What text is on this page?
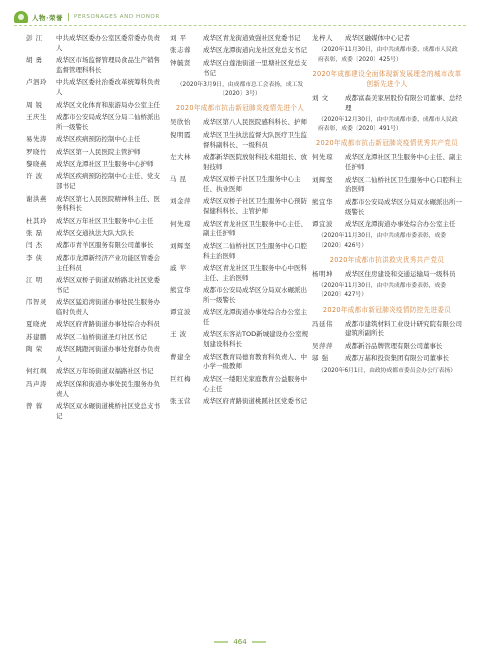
人物·荣誉 PERSONAGES AND HONOR
彭 江	中共成华区委办公室区委常委办负责人
胡 勇	成华区市场监督管理局食品生产销售监督管理科科长
卢泗玲	中共成华区委社治委改革统筹科负责人
周 锐	成华区文化体育和旅游局办公室主任
王庆生	成都市公安局成华区分局二仙桥派出所一级警长
易先涛	成华区疾病预防控制中心主任
罗晓竹	成华区第一人民医院主管护师
黎晓燕	成华区龙潭社区卫生服务中心护师
许 波	成华区疾病预防控制中心主任、党支部书记
谢洪燕	成华区第七人民医院精神科主任、医务科科长
杜其玲	成华区万年社区卫生服务中心主任
张 磊	成华区交通执法大队大队长
闫 杰	成都市青羊区服务有限公司董事长
李 侠	成都市龙潭新经济产业功能区管委会主任科员
江 明	成华区双桥子街道双桥路北社区党委书记
邝智灵	成华区猛追湾街道办事处民生服务办临时负责人
夏晓虎	成华区府青路街道办事处综合办科员
苏建鹏	成华区二仙桥街道圣灯社区书记
陶 荣	成华区跳蹬河街道办事处党群办负责人
何红飒	成华区万年场街道双福路社区书记
冯声涛	成华区保和街道办事处民生服务办负责人
曾 蓉	成华区双水碾街道桃桥社区党总支书记
刘 平	成华区青龙街道致强社区党委书记
张志蓉	成华区龙潭街道向龙社区党总支书记
钟毓贤	成华区白莲池街道一里塘社区党总支书记
（2020年3月9日，由成都市总工会表扬，成工发〔2020〕3号）
2020年成都市抗击新冠肺炎疫情先进个人
吴欣怡	成华区第八人民医院感科科长、护师
倪明霞	成华区卫生执法监督大队医疗卫生监督科副科长、一级科员
左大林	成都新华医院放射科技术组组长、放射技师
马 昆	成华区双桥子社区卫生服务中心主任、执业医师
刘金萍	成华区双桥子社区卫生服务中心预防保健科科长、主管护师
何先琼	成华区青龙社区卫生服务中心主任、副主任护师
刘辉坚	成华区二仙桥社区卫生服务中心口腔科主治医师
戚 苹	成华区青龙社区卫生服务中心中医科主任、主治医师
熊宜华	成都市公安局成华区分局双水碾派出所一级警长
谭宜波	成华区龙潭街道办事处综合办公室主任
王 波	成华区东客站TOD新城建设办公室规划建设科科长
曹建全	成华区教育局德育教育科负责人、中小学一级教师
巨红梅	成华区一缕阳光家庭教育公益服务中心主任
张玉营	成华区府青路街道桃蹊社区党委书记
龙梓人	成华区融媒体中心记者
（2020年11月30日，由中共成都市委、成都市人民政府表彰，成委〔2020〕425号）
2020年成都建设全面体现新发展理念的城市改革创新先进个人
刘 文	成都富森美家居股份有限公司董事、总经理
（2020年12月30日，由中共成都市委、成都市人民政府表彰，成委〔2020〕491号）
2020年成都市抗击新冠肺炎疫情优秀共产党员
何先琼	成华区龙潭社区卫生服务中心主任、副主任护师
刘辉坚	成华区二仙桥社区卫生服务中心口腔科主治医师
熊宜华	成都市公安局成华区分局双水碾派出所一级警长
谭宜波	成华区龙潭街道办事处综合办公室主任
（2020年11月30日，由中共成都市委表彰，成委〔2020〕426号）
2020年成都市抗洪救灾优秀共产党员
杨明坤	成华区住房建设和交通运输局一级科员
（2020年11月30日，由中共成都市委表彰，成委〔2020〕427号）
2020年成都市新冠肺炎疫情防控先进委员
冯延伟	成都市建筑材料工业设计研究院有限公司建筑所副所长
吴萍萍	成都新谷品牌管理有限公司董事长
邬 强	成都万基和投资集团有限公司董事长
（2020年6月1日，由政协成都市委员会办公厅表扬）
464
